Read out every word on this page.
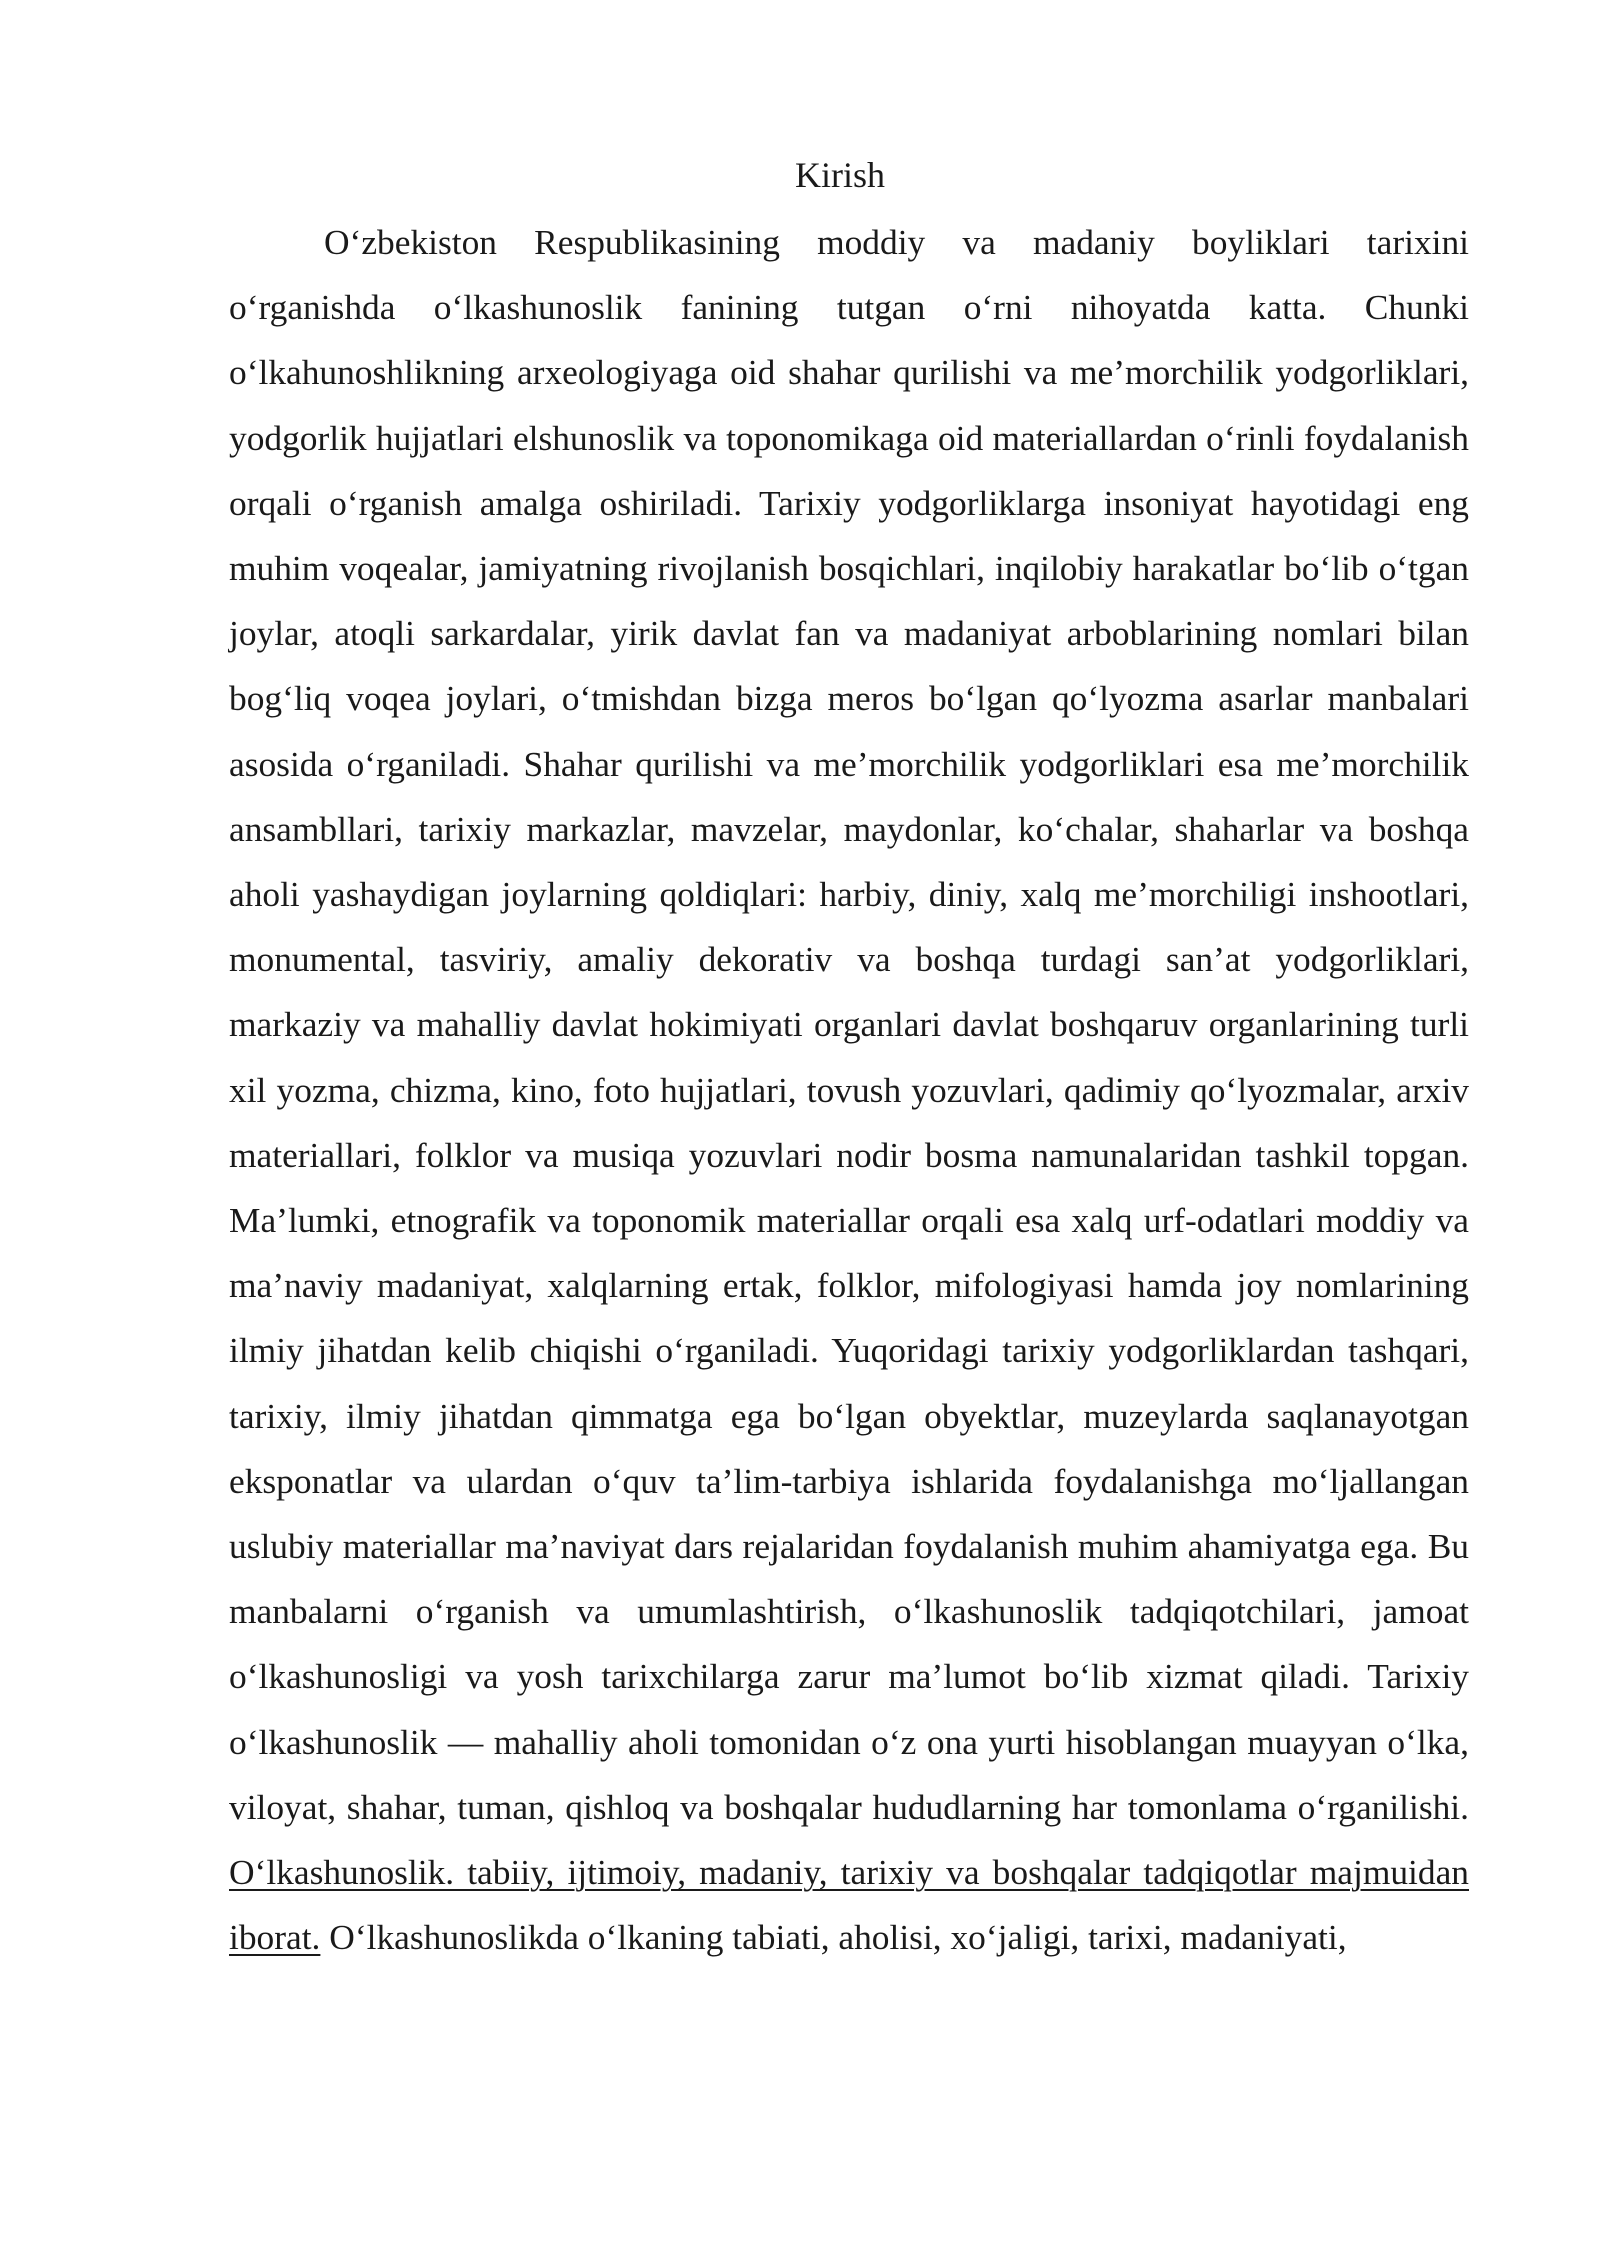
Kirish

O‘zbekiston Respublikasining moddiy va madaniy boyliklari tarixini o‘rganishda o‘lkashunoslik fanining tutgan o‘rni nihoyatda katta. Chunki o‘lkahunoshlikning arxeologiyaga oid shahar qurilishi va me’morchilik yodgorliklari, yodgorlik hujjatlari elshunoslik va toponomikaga oid materiallardan o‘rinli foydalanish orqali o‘rganish amalga oshiriladi. Tarixiy yodgorliklarga insoniyat hayotidagi eng muhim voqealar, jamiyatning rivojlanish bosqichlari, inqilobiy harakatlar bo‘lib o‘tgan joylar, atoqli sarkardalar, yirik davlat fan va madaniyat arboblarining nomlari bilan bog‘liq voqea joylari, o‘tmishdan bizga meros bo‘lgan qo‘lyozma asarlar manbalari asosida o‘rganiladi. Shahar qurilishi va me’morchilik yodgorliklari esa me’morchilik ansambllari, tarixiy markazlar, mavzelar, maydonlar, ko‘chalar, shaharlar va boshqa aholi yashaydigan joylarning qoldiqlari: harbiy, diniy, xalq me’morchiligi inshootlari, monumental, tasviriy, amaliy dekorativ va boshqa turdagi san’at yodgorliklari, markaziy va mahalliy davlat hokimiyati organlari davlat boshqaruv organlarining turli xil yozma, chizma, kino, foto hujjatlari, tovush yozuvlari, qadimiy qo‘lyozmalar, arxiv materiallari, folklor va musiqa yozuvlari nodir bosma namunalaridan tashkil topgan. Ma’lumki, etnografik va toponomik materiallar orqali esa xalq urf-odatlari moddiy va ma’naviy madaniyat, xalqlarning ertak, folklor, mifologiyasi hamda joy nomlarining ilmiy jihatdan kelib chiqishi o‘rganiladi. Yuqoridagi tarixiy yodgorliklardan tashqari, tarixiy, ilmiy jihatdan qimmatga ega bo‘lgan obyektlar, muzeylarda saqlanayotgan eksponatlar va ulardan o‘quv ta’lim-tarbiya ishlarida foydalanishga mo‘ljallangan uslubiy materiallar ma’naviyat dars rejalaridan foydalanish muhim ahamiyatga ega. Bu manbalarni o‘rganish va umumlashtirish, o‘lkashunoslik tadqiqotchilari, jamoat o‘lkashunosligi va yosh tarixchilarga zarur ma’lumot bo‘lib xizmat qiladi. Tarixiy o‘lkashunoslik — mahalliy aholi tomonidan o‘z ona yurti hisoblangan muayyan o‘lka, viloyat, shahar, tuman, qishloq va boshqalar hududlarning har tomonlama o‘rganilishi. O‘lkashunoslik. tabiiy, ijtimoiy, madaniy, tarixiy va boshqalar tadqiqotlar majmuidan iborat. O‘lkashunoslikda o‘lkaning tabiati, aholisi, xo‘jaligi, tarixi, madaniyati,
